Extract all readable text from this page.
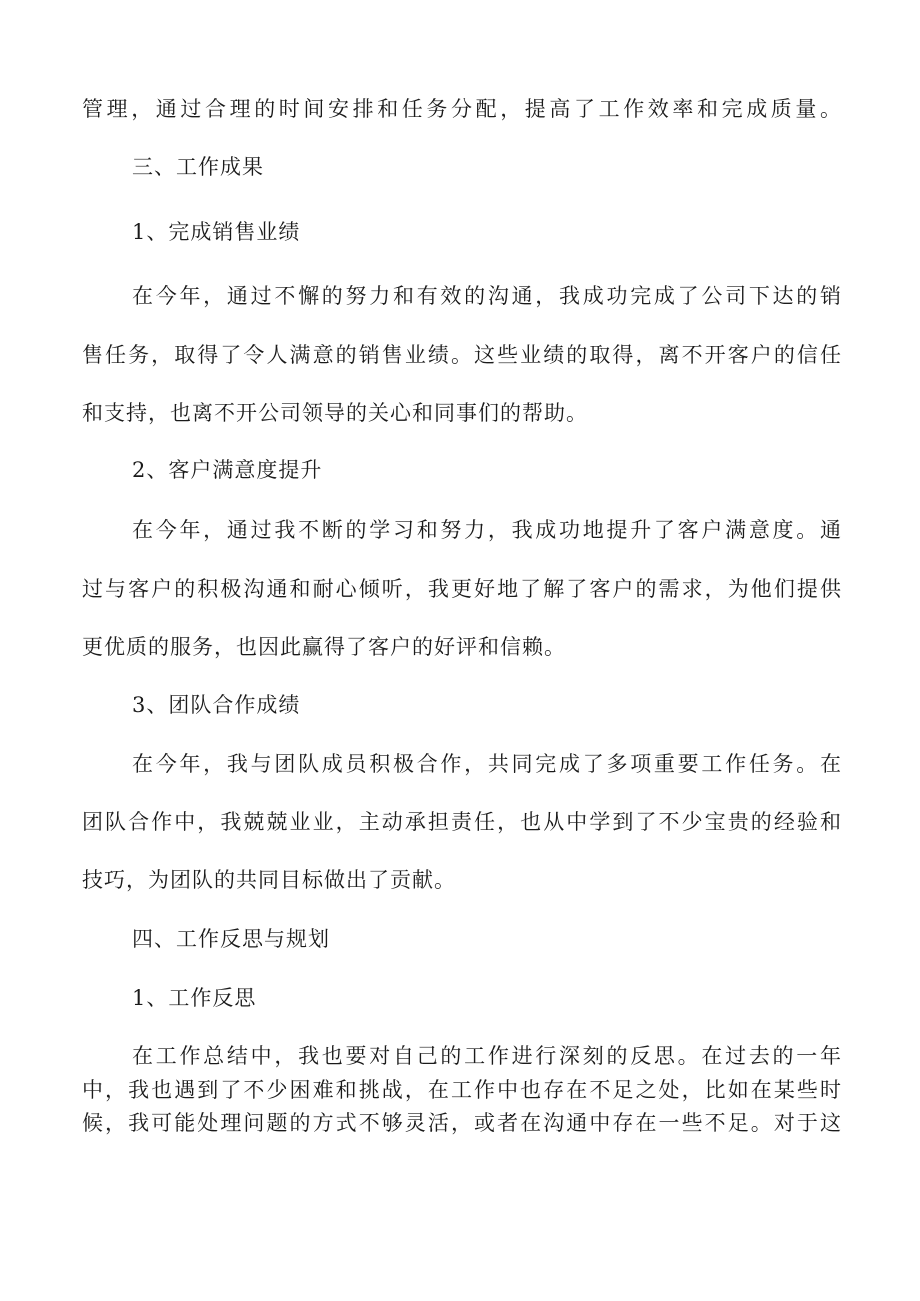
管理，通过合理的时间安排和任务分配，提高了工作效率和完成质量。
三、工作成果
1、完成销售业绩
在今年，通过不懈的努力和有效的沟通，我成功完成了公司下达的销
售任务，取得了令人满意的销售业绩。这些业绩的取得，离不开客户的信任
和支持，也离不开公司领导的关心和同事们的帮助。
2、客户满意度提升
在今年，通过我不断的学习和努力，我成功地提升了客户满意度。通
过与客户的积极沟通和耐心倾听，我更好地了解了客户的需求，为他们提供
更优质的服务，也因此赢得了客户的好评和信赖。
3、团队合作成绩
在今年，我与团队成员积极合作，共同完成了多项重要工作任务。在
团队合作中，我兢兢业业，主动承担责任，也从中学到了不少宝贵的经验和
技巧，为团队的共同目标做出了贡献。
四、工作反思与规划
1、工作反思
在工作总结中，我也要对自己的工作进行深刻的反思。在过去的一年
中，我也遇到了不少困难和挑战，在工作中也存在不足之处，比如在某些时
候，我可能处理问题的方式不够灵活，或者在沟通中存在一些不足。对于这
